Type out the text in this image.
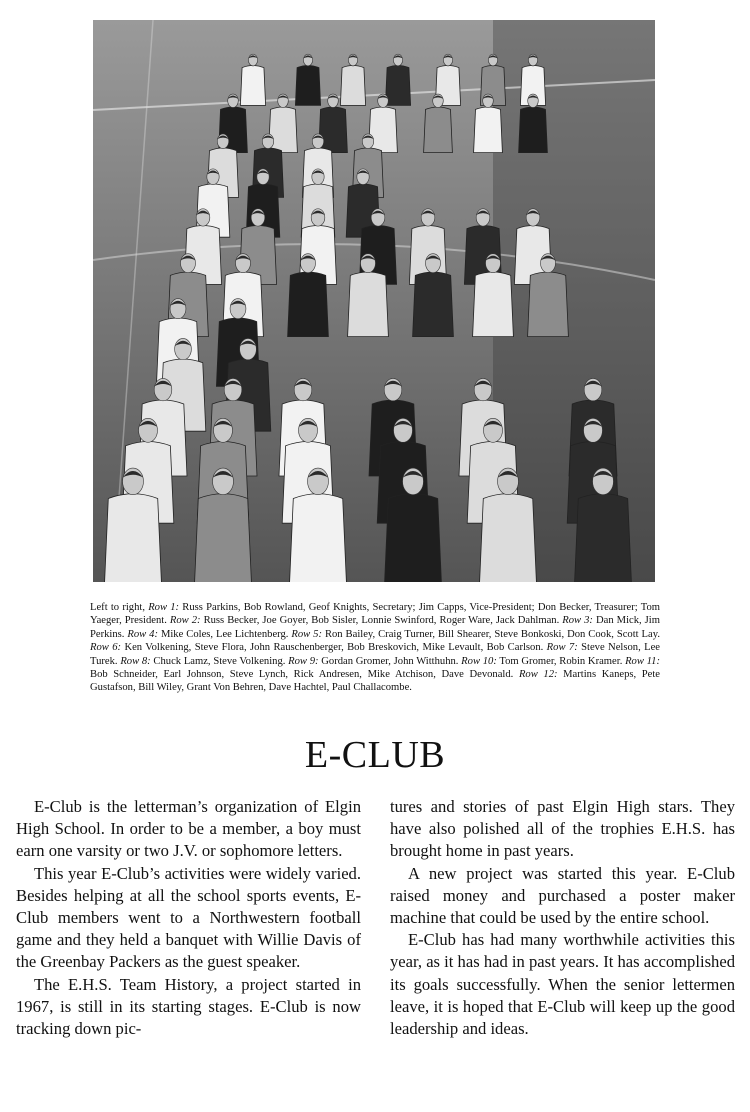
Left to right, Row 1: Russ Parkins, Bob Rowland, Geof Knights, Secretary; Jim Capps, Vice-President; Don Becker, Treasurer; Tom Yaeger, President. Row 2: Russ Becker, Joe Goyer, Bob Sisler, Lonnie Swinford, Roger Ware, Jack Dahlman. Row 3: Dan Mick, Jim Perkins. Row 4: Mike Coles, Lee Lichtenberg. Row 5: Ron Bailey, Craig Turner, Bill Shearer, Steve Bonkoski, Don Cook, Scott Lay. Row 6: Ken Volkening, Steve Flora, John Rauschenberger, Bob Breskovich, Mike Levault, Bob Carlson. Row 7: Steve Nelson, Lee Turek. Row 8: Chuck Lamz, Steve Volkening. Row 9: Gordan Gromer, John Witthuhn. Row 10: Tom Gromer, Robin Kramer. Row 11: Bob Schneider, Earl Johnson, Steve Lynch, Rick Andresen, Mike Atchison, Dave Devonald. Row 12: Martins Kaneps, Pete Gustafson, Bill Wiley, Grant Von Behren, Dave Hachtel, Paul Challacombe.
E-CLUB

E-Club is the letterman’s organization of Elgin High School. In order to be a member, a boy must earn one varsity or two J.V. or sophomore letters.

This year E-Club’s activities were widely varied. Besides helping at all the school sports events, E-Club members went to a Northwestern football game and they held a banquet with Willie Davis of the Greenbay Packers as the guest speaker.

The E.H.S. Team History, a project started in 1967, is still in its starting stages. E-Club is now tracking down pic-

tures and stories of past Elgin High stars. They have also polished all of the trophies E.H.S. has brought home in past years.

A new project was started this year. E-Club raised money and purchased a poster maker machine that could be used by the entire school.

E-Club has had many worthwhile activities this year, as it has had in past years. It has accomplished its goals successfully. When the senior lettermen leave, it is hoped that E-Club will keep up the good leadership and ideas.
